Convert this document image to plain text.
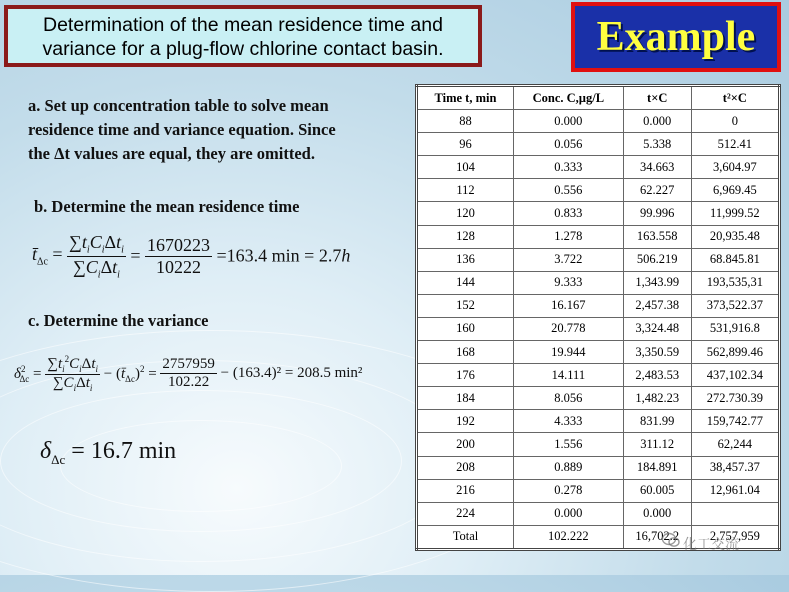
Determination of the mean residence time and
variance for a plug-flow chlorine contact basin.	Example
a. Set up concentration table to solve mean
residence time and variance equation. Since
the Δt values are equal, they are omitted.
b. Determine the mean residence time
$t̄_{\Delta c} = \frac{\sum t_iC_i\Delta t_i}{\sum C_i\Delta t_i} = \frac{1670223}{10222} =163.4$ min = 2.7h
c. Determine the variance
$\delta^2_{\Delta c} = \frac{\sum t_i^2C_i\Delta t_i}{\sum C_i\Delta t_i}$ − $(t̄_{\Delta c})^2 = \frac{2757959}{102.22} - (163.4)^2 = 208.5$ min²
$\delta_{\Delta c} = 16.7$ min
Time t, min	Conc. C,µg/L	t×C	t²×C
88	0.000	0.000	0
96	0.056	5.338	512.41
104	0.333	34.663	3,604.97
112	0.556	62.227	6,969.45
120	0.833	99.996	11,999.52
128	1.278	163.558	20,935.48
136	3.722	506.219	68.845.81
144	9.333	1,343.99	193,535,31
152	16.167	2,457.38	373,522.37
160	20.778	3,324.48	531,916.8
168	19.944	3,350.59	562,899.46
176	14.111	2,483.53	437,102.34
184	8.056	1,482.23	272.730.39
192	4.333	831.99	159,742.77
200	1.556	311.12	62,244
208	0.889	184.891	38,457.37
216	0.278	60.005	12,961.04
224	0.000	0.000	
Total	102.222	16,702.2	2,757,959
化工交流
